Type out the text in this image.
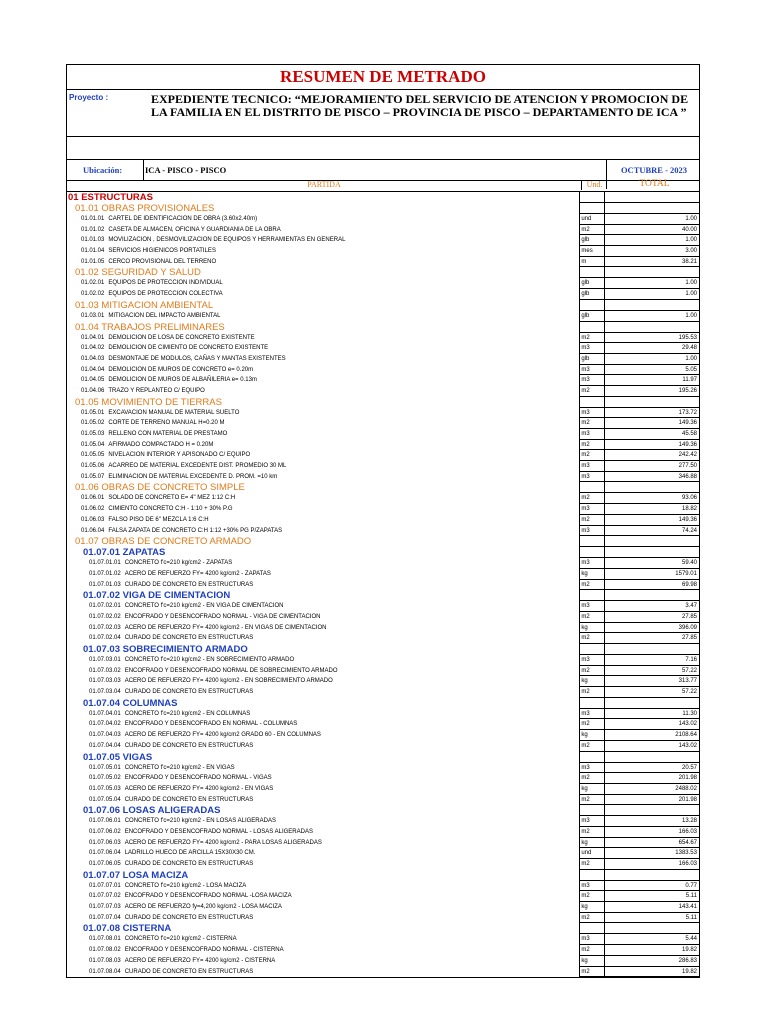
RESUMEN DE METRADO
Proyecto :	EXPEDIENTE TECNICO: “MEJORAMIENTO DEL SERVICIO DE ATENCION Y PROMOCION DE LA FAMILIA EN EL DISTRITO DE PISCO – PROVINCIA DE PISCO – DEPARTAMENTO DE ICA ”
Ubicación:	ICA - PISCO - PISCO	OCTUBRE - 2023
PARTIDA	Und.	TOTAL
01 ESTRUCTURAS
01.01 OBRAS PROVISIONALES
01.01.01 CARTEL DE IDENTIFICACION DE OBRA (3.60x2.40m)	und	1.00
01.01.02 CASETA DE ALMACEN, OFICINA Y GUARDIANIA DE LA OBRA	m2	40.00
01.01.03 MOVILIZACION , DESMOVILIZACION DE EQUIPOS Y HERRAMIENTAS EN GENERAL	glb	1.00
01.01.04 SERVICIOS HIGIENICOS PORTATILES	mes	3.00
01.01.05 CERCO PROVISIONAL DEL TERRENO	m	38.21
01.02 SEGURIDAD Y SALUD
01.02.01 EQUIPOS DE PROTECCION INDIVIDUAL	glb	1.00
01.02.02 EQUIPOS DE PROTECCION COLECTIVA	glb	1.00
01.03 MITIGACION AMBIENTAL
01.03.01 MITIGACION DEL IMPACTO AMBIENTAL	glb	1.00
01.04 TRABAJOS PRELIMINARES
01.04.01 DEMOLICION DE LOSA DE CONCRETO EXISTENTE	m2	195.53
01.04.02 DEMOLICION DE CIMIENTO DE CONCRETO EXISTENTE	m3	29.48
01.04.03 DESMONTAJE DE MODULOS, CAÑAS Y MANTAS EXISTENTES	glb	1.00
01.04.04 DEMOLICION DE MUROS DE CONCRETO e= 0.20m	m3	5.05
01.04.05 DEMOLICION DE MUROS DE ALBAÑILERIA e= 0.13m	m3	11.97
01.04.06 TRAZO Y REPLANTEO C/ EQUIPO	m2	195.26
01.05 MOVIMIENTO DE TIERRAS
01.05.01 EXCAVACION MANUAL DE MATERIAL SUELTO	m3	173.72
01.05.02 CORTE DE TERRENO MANUAL H=0.20 M	m2	149.36
01.05.03 RELLENO CON MATERIAL DE PRESTAMO	m3	45.58
01.05.04 AFIRMADO COMPACTADO H = 0.20M	m2	149.36
01.05.05 NIVELACION INTERIOR Y APISONADO C/ EQUIPO	m2	242.42
01.05.06 ACARREO DE MATERIAL EXCEDENTE DIST. PROMEDIO 30 ML	m3	277.50
01.05.07 ELIMINACION DE MATERIAL EXCEDENTE D. PROM. =10 km	m3	346.88
01.06 OBRAS DE CONCRETO SIMPLE
01.06.01 SOLADO DE CONCRETO E= 4" MEZ 1:12 C:H	m2	93.06
01.06.02 CIMIENTO CONCRETO C:H - 1:10 + 30% P.G	m3	18.82
01.06.03 FALSO PISO DE 6" MEZCLA 1:6 C:H	m2	149.36
01.06.04 FALSA ZAPATA DE CONCRETO C:H 1:12 +30% PG P/ZAPATAS	m3	74.24
01.07 OBRAS DE CONCRETO ARMADO
01.07.01 ZAPATAS
01.07.01.01 CONCRETO f'c=210 kg/cm2 - ZAPATAS	m3	59.40
01.07.01.02 ACERO DE REFUERZO FY= 4200 kg/cm2 - ZAPATAS	kg	1579.01
01.07.01.03 CURADO DE CONCRETO EN ESTRUCTURAS	m2	69.98
01.07.02 VIGA DE CIMENTACION
01.07.02.01 CONCRETO f'c=210 kg/cm2 - EN VIGA DE CIMENTACION	m3	3.47
01.07.02.02 ENCOFRADO Y DESENCOFRADO NORMAL - VIGA DE CIMENTACION	m2	27.85
01.07.02.03 ACERO DE REFUERZO FY= 4200 kg/cm2 - EN VIGAS DE CIMENTACION	kg	396.09
01.07.02.04 CURADO DE CONCRETO EN ESTRUCTURAS	m2	27.85
01.07.03 SOBRECIMIENTO ARMADO
01.07.03.01 CONCRETO f'c=210 kg/cm2 - EN SOBRECIMIENTO ARMADO	m3	7.16
01.07.03.02 ENCOFRADO Y DESENCOFRADO NORMAL DE SOBRECIMIENTO ARMADO	m2	57.22
01.07.03.03 ACERO DE REFUERZO FY= 4200 kg/cm2 - EN SOBRECIMIENTO ARMADO	kg	313.77
01.07.03.04 CURADO DE CONCRETO EN ESTRUCTURAS	m2	57.22
01.07.04 COLUMNAS
01.07.04.01 CONCRETO f'c=210 kg/cm2 - EN COLUMNAS	m3	11.30
01.07.04.02 ENCOFRADO Y DESENCOFRADO EN NORMAL - COLUMNAS	m2	143.02
01.07.04.03 ACERO DE REFUERZO FY= 4200 kg/cm2 GRADO 60 - EN COLUMNAS	kg	2108.64
01.07.04.04 CURADO DE CONCRETO EN ESTRUCTURAS	m2	143.02
01.07.05 VIGAS
01.07.05.01 CONCRETO f'c=210 kg/cm2 - EN VIGAS	m3	20.57
01.07.05.02 ENCOFRADO Y DESENCOFRADO NORMAL - VIGAS	m2	201.98
01.07.05.03 ACERO DE REFUERZO FY= 4200 kg/cm2 - EN VIGAS	kg	2488.02
01.07.05.04 CURADO DE CONCRETO EN ESTRUCTURAS	m2	201.98
01.07.06 LOSAS ALIGERADAS
01.07.06.01 CONCRETO f'c=210 kg/cm2 - EN LOSAS ALIGERADAS	m3	13.28
01.07.06.02 ENCOFRADO Y DESENCOFRADO NORMAL - LOSAS ALIGERADAS	m2	166.03
01.07.06.03 ACERO DE REFUERZO FY= 4200 kg/cm2 - PARA LOSAS ALIGERADAS	kg	654.67
01.07.06.04 LADRILLO HUECO DE ARCILLA 15X30X30 CM.	und	1383.53
01.07.06.05 CURADO DE CONCRETO EN ESTRUCTURAS	m2	166.03
01.07.07 LOSA MACIZA
01.07.07.01 CONCRETO f'c=210 kg/cm2 - LOSA MACIZA	m3	0.77
01.07.07.02 ENCOFRADO Y DESENCOFRADO NORMAL -LOSA MACIZA	m2	5.11
01.07.07.03 ACERO DE REFUERZO fy=4,200 kg/cm2 - LOSA MACIZA	kg	143.41
01.07.07.04 CURADO DE CONCRETO EN ESTRUCTURAS	m2	5.11
01.07.08 CISTERNA
01.07.08.01 CONCRETO f'c=210 kg/cm2 - CISTERNA	m3	5.44
01.07.08.02 ENCOFRADO Y DESENCOFRADO NORMAL - CISTERNA	m2	19.82
01.07.08.03 ACERO DE REFUERZO FY= 4200 kg/cm2 - CISTERNA	kg	286.83
01.07.08.04 CURADO DE CONCRETO EN ESTRUCTURAS	m2	19.82
